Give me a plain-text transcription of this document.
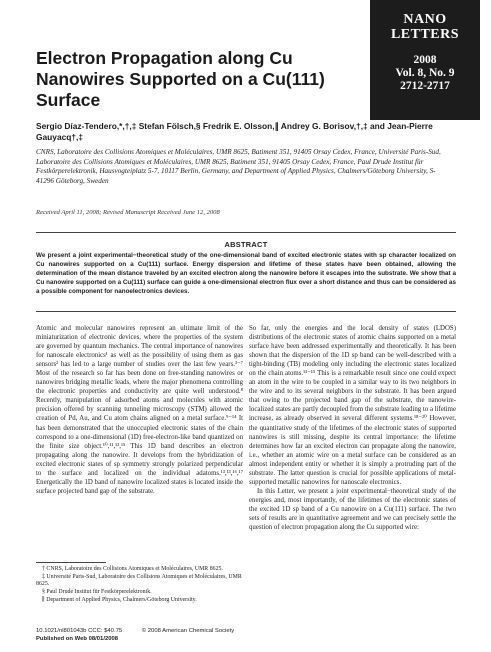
NANO
LETTERS
2008
Vol. 8, No. 9
2712-2717
Electron Propagation along Cu Nanowires Supported on a Cu(111) Surface
Sergio Díaz-Tendero,*,†,‡ Stefan Fölsch,§ Fredrik E. Olsson,∥ Andrey G. Borisov,†,‡ and Jean-Pierre Gauyacq†,‡
CNRS, Laboratoire des Collisions Atomiques et Moléculaires, UMR 8625, Batiment 351, 91405 Orsay Cedex, France, Université Paris-Sud, Laboratoire des Collisions Atomiques et Moléculaires, UMR 8625, Batiment 351, 91405 Orsay Cedex, France, Paul Drude Institut für Festkörperelektronik, Hausvogteiplatz 5-7, 10117 Berlin, Germany, and Department of Applied Physics, Chalmers/Göteborg University, S-41296 Göteborg, Sweden
Received April 11, 2008; Revised Manuscript Received June 12, 2008
ABSTRACT
We present a joint experimental−theoretical study of the one-dimensional band of excited electronic states with sp character localized on Cu nanowires supported on a Cu(111) surface. Energy dispersion and lifetime of these states have been obtained, allowing the determination of the mean distance traveled by an excited electron along the nanowire before it escapes into the substrate. We show that a Cu nanowire supported on a Cu(111) surface can guide a one-dimensional electron flux over a short distance and thus can be considered as a possible component for nanoelectronics devices.

Atomic and molecular nanowires represent an ultimate limit of the miniaturization of electronic devices, where the properties of the system are governed by quantum mechanics. The central importance of nanowires for nanoscale electronics¹ as well as the possibility of using them as gas sensors² has led to a large number of studies over the last few years.³⁻⁷ Most of the research so far has been done on free-standing nanowires or nanowires bridging metallic leads, where the major phenomena controlling the electronic properties and conductivity are quite well understood.⁸ Recently, manipulation of adsorbed atoms and molecules with atomic precision offered by scanning tunneling microscopy (STM) allowed the creation of Pd, Au, and Cu atom chains aligned on a metal surface.⁹⁻¹⁴ It has been demonstrated that the unoccupied electronic states of the chain correspond to a one-dimensional (1D) free-electron-like band quantized on the finite size object.¹⁰,¹¹,¹³,¹⁵ This 1D band describes an electron propagating along the nanowire. It develops from the hybridization of excited electronic states of sp symmetry strongly polarized perpendicular to the surface and localized on the individual adatoms.¹³,¹³,¹⁶,¹⁷ Energetically the 1D band of nanowire localized states is located inside the surface projected band gap of the substrate.

So far, only the energies and the local density of states (LDOS) distributions of the electronic states of atomic chains supported on a metal surface have been addressed experimentally and theoretically. It has been shown that the dispersion of the 1D sp band can be well-described with a tight-binding (TB) modeling only including the electronic states localized on the chain atoms.¹³⁻¹⁵ This is a remarkable result since one could expect an atom in the wire to be coupled in a similar way to its two neighbors in the wire and to its several neighbors in the substrate. It has been argued that owing to the projected band gap of the substrate, the nanowire-localized states are partly decoupled from the substrate leading to a lifetime increase, as already observed in several different systems.¹⁸⁻²⁰ However, the quantitative study of the lifetimes of the electronic states of supported nanowires is still missing, despite its central importance: the lifetime determines how far an excited electron can propagate along the nanowire, i.e., whether an atomic wire on a metal surface can be considered as an almost independent entity or whether it is simply a protruding part of the substrate. The latter question is crucial for possible applications of metal-supported metallic nanowires for nanoscale electronics.

In this Letter, we present a joint experimental−theoretical study of the energies and, most importantly, of the lifetimes of the electronic states of the excited 1D sp band of a Cu nanowire on a Cu(111) surface. The two sets of results are in quantitative agreement and we can precisely settle the question of electron propagation along the Cu supported wire:

† CNRS, Laboratoire des Collisions Atomiques et Moléculaires, UMR 8625.
‡ Université Paris-Sud, Laboratoire des Collisions Atomiques et Moléculaires, UMR 8625.
§ Paul Drude Institut für Festkörperelektronik.
∥ Department of Applied Physics, Chalmers/Göteborg University.
10.1021/nl801043b CCC: $40.75	© 2008 American Chemical Society
Published on Web 08/01/2008
